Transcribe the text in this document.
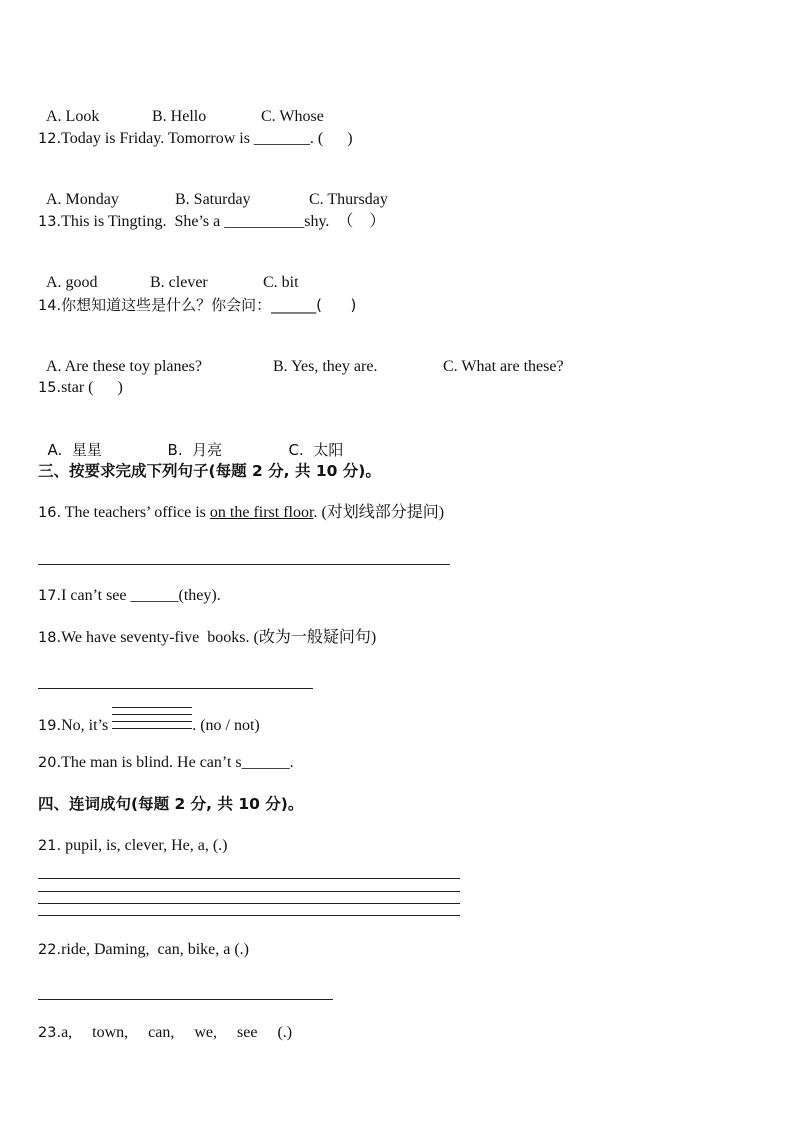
A. Look	B. Hello	C. Whose

12.Today is Friday. Tomorrow is _______. (      )

A. Monday	B. Saturday	C. Thursday

13.This is Tingting.  She’s a __________shy.  （    ）

A. good	B. clever	C. bit

14.你想知道这些是什么？你会问：______(      )

A. Are these toy planes?	B. Yes, they are.	C. What are these?

15.star (      )

A.  星星	B.  月亮	C.  太阳

三、按要求完成下列句子(每题 2 分, 共 10 分)。
16. The teachers’ office is on the first floor. (对划线部分提问)
17.I can’t see ______(they).
18.We have seventy-five  books. (改为一般疑问句)
19.No, it’s	. (no / not)
20.The man is blind. He can’t s______.
四、连词成句(每题 2 分, 共 10 分)。
21. pupil, is, clever, He, a, (.)
22.ride, Daming,  can, bike, a (.)
23.a,     town,     can,     we,     see     (.)
